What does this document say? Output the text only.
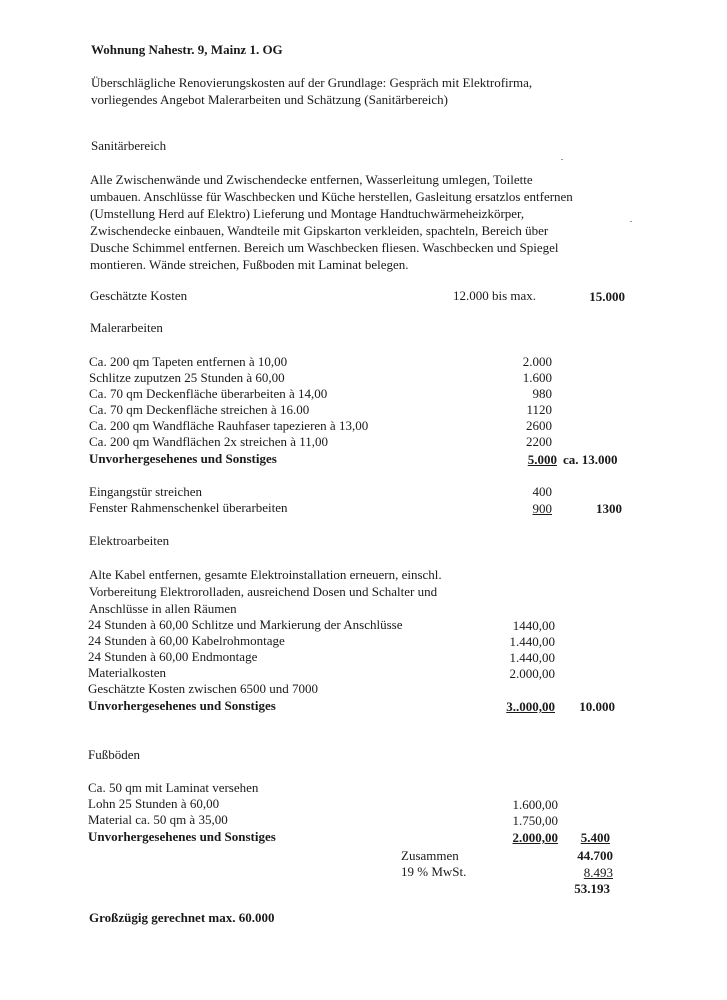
Wohnung Nahestr. 9, Mainz 1. OG
Überschlägliche Renovierungskosten auf der Grundlage: Gespräch mit Elektrofirma,
vorliegendes Angebot Malerarbeiten und Schätzung (Sanitärbereich)
Sanitärbereich
Alle Zwischenwände und Zwischendecke entfernen, Wasserleitung umlegen, Toilette
umbauen. Anschlüsse für Waschbecken und Küche herstellen, Gasleitung ersatzlos entfernen
(Umstellung Herd auf Elektro) Lieferung und Montage Handtuchwärmeheizkörper,
Zwischendecke einbauen, Wandteile mit Gipskarton verkleiden, spachteln, Bereich über
Dusche Schimmel entfernen. Bereich um Waschbecken fliesen. Waschbecken und Spiegel
montieren. Wände streichen, Fußboden mit Laminat belegen.
Geschätzte Kosten	12.000 bis max.	15.000
Malerarbeiten
Ca. 200 qm Tapeten entfernen à 10,00	2.000
Schlitze zuputzen 25 Stunden à 60,00	1.600
Ca. 70 qm Deckenfläche überarbeiten à 14,00	980
Ca. 70 qm Deckenfläche streichen à 16.00	1120
Ca. 200 qm Wandfläche Rauhfaser tapezieren à 13,00	2600
Ca. 200 qm Wandflächen 2x streichen à 11,00	2200
Unvorhergesehenes und Sonstiges	5.000 ca. 13.000
Eingangstür streichen	400
Fenster Rahmenschenkel überarbeiten	900	1300
Elektroarbeiten
Alte Kabel entfernen, gesamte Elektroinstallation erneuern, einschl.
Vorbereitung Elektrorolladen, ausreichend Dosen und Schalter und
Anschlüsse in allen Räumen
24 Stunden à 60,00 Schlitze und Markierung der Anschlüsse	1440,00
24 Stunden à 60,00 Kabelrohmontage	1.440,00
24 Stunden à 60,00 Endmontage	1.440,00
Materialkosten	2.000,00
Geschätzte Kosten zwischen 6500 und 7000
Unvorhergesehenes und Sonstiges	3..000,00	10.000
Fußböden
Ca. 50 qm mit Laminat versehen
Lohn 25 Stunden à 60,00	1.600,00
Material ca. 50 qm à 35,00	1.750,00
Unvorhergesehenes und Sonstiges	2.000,00	5.400
Zusammen	44.700
19 % MwSt.	8.493
53.193
Großzügig gerechnet max. 60.000
